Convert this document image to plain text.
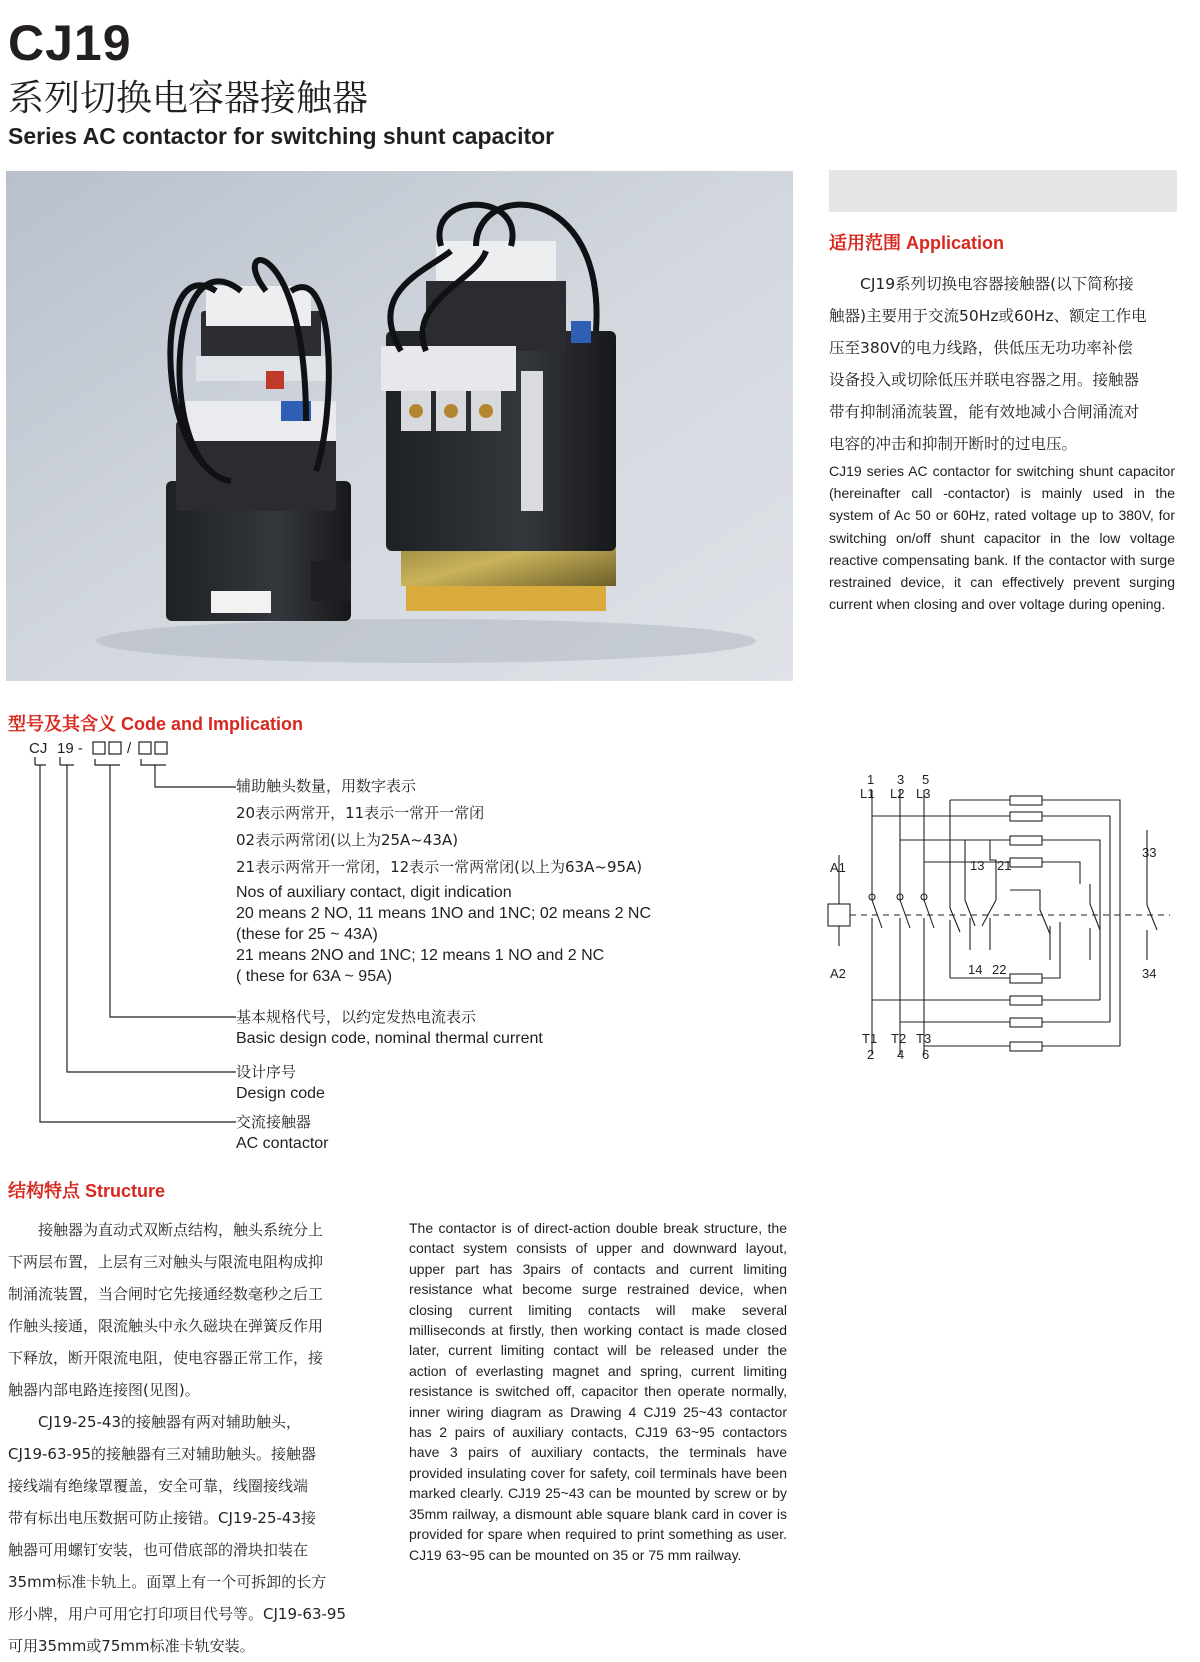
CJ19
系列切换电容器接触器
Series AC contactor for switching shunt capacitor
适用范围 Application
CJ19系列切换电容器接触器(以下简称接
触器)主要用于交流50Hz或60Hz、额定工作电
压至380V的电力线路，供低压无功功率补偿
设备投入或切除低压并联电容器之用。接触器
带有抑制涌流装置，能有效地减小合闸涌流对
电容的冲击和抑制开断时的过电压。
CJ19 series AC contactor for switching shunt capacitor (hereinafter call -contactor) is mainly used in the system of Ac 50 or 60Hz, rated voltage up to 380V, for switching on/off shunt capacitor in the low voltage reactive compensating bank. If the contactor with surge restrained device, it can effectively prevent surging current when closing and over voltage during opening.
型号及其含义 Code and Implication
CJ 19 -	/
辅助触头数量，用数字表示
20表示两常开，11表示一常开一常闭
02表示两常闭(以上为25A~43A)
21表示两常开一常闭，12表示一常两常闭(以上为63A~95A)
Nos of auxiliary contact, digit indication
20 means 2 NO, 11 means 1NO and 1NC; 02 means 2 NC
(these for 25 ~ 43A)
21 means 2NO and 1NC; 12 means 1 NO and 2 NC
( these for 63A ~ 95A)
基本规格代号，以约定发热电流表示
Basic design code, nominal thermal current
设计序号
Design code
交流接触器
AC contactor
1 3 5
L1 L2 L3
A1
A2
13 21
33
14 22	34
T1 T2 T3
2 4 6
结构特点 Structure
接触器为直动式双断点结构，触头系统分上
下两层布置，上层有三对触头与限流电阻构成抑
制涌流装置，当合闸时它先接通经数毫秒之后工
作触头接通，限流触头中永久磁块在弹簧反作用
下释放，断开限流电阻，使电容器正常工作，接
触器内部电路连接图(见图)。
CJ19-25-43的接触器有两对辅助触头，
CJ19-63-95的接触器有三对辅助触头。接触器
接线端有绝缘罩覆盖，安全可靠，线圈接线端
带有标出电压数据可防止接错。CJ19-25-43接
触器可用螺钉安装，也可借底部的滑块扣装在
35mm标准卡轨上。面罩上有一个可拆卸的长方
形小牌，用户可用它打印项目代号等。CJ19-63-95
可用35mm或75mm标准卡轨安装。
The contactor is of direct-action double break structure, the contact system consists of upper and downward layout, upper part has 3pairs of contacts and current limiting resistance what become surge restrained device, when closing current limiting contacts will make several milliseconds at firstly, then working contact is made closed later, current limiting contact will be released under the action of everlasting magnet and spring, current limiting resistance is switched off, capacitor then operate normally, inner wiring diagram as Drawing 4 CJ19 25~43 contactor has 2 pairs of auxiliary contacts, CJ19 63~95 contactors have 3 pairs of auxiliary contacts, the terminals have provided insulating cover for safety, coil terminals have been marked clearly. CJ19 25~43 can be mounted by screw or by 35mm railway, a dismount able square blank card in cover is provided for spare when required to print something as user. CJ19 63~95 can be mounted on 35 or 75 mm railway.
